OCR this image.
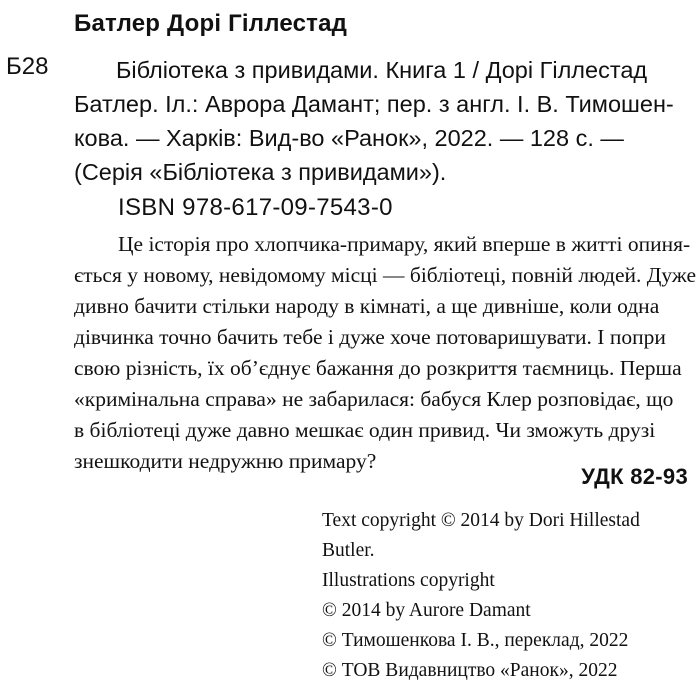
Батлер Дорі Гіллестад
Б28	Бібліотека з привидами. Книга 1 / Дорі Гіллестад
Батлер. Іл.: Аврора Дамант; пер. з англ. І. В. Тимошен-
кова. — Харків: Вид-во «Ранок», 2022. — 128 с. —
(Серія «Бібліотека з привидами»).
ISBN 978-617-09-7543-0
Це історія про хлопчика-примару, який вперше в житті опиня-
ється у новому, невідомому місці — бібліотеці, повній людей. Дуже
дивно бачити стільки народу в кімнаті, а ще дивніше, коли одна
дівчинка точно бачить тебе і дуже хоче потоваришувати. І попри
свою різність, їх об’єднує бажання до розкриття таємниць. Перша
«кримінальна справа» не забарилася: бабуся Клер розповідає, що
в бібліотеці дуже давно мешкає один привид. Чи зможуть друзі
знешкодити недружню примару?
УДК 82-93
Text copyright © 2014 by Dori Hillestad
Butler.
Illustrations copyright
© 2014 by Aurore Damant
© Тимошенкова І. В., переклад, 2022
© ТОВ Видавництво «Ранок», 2022
